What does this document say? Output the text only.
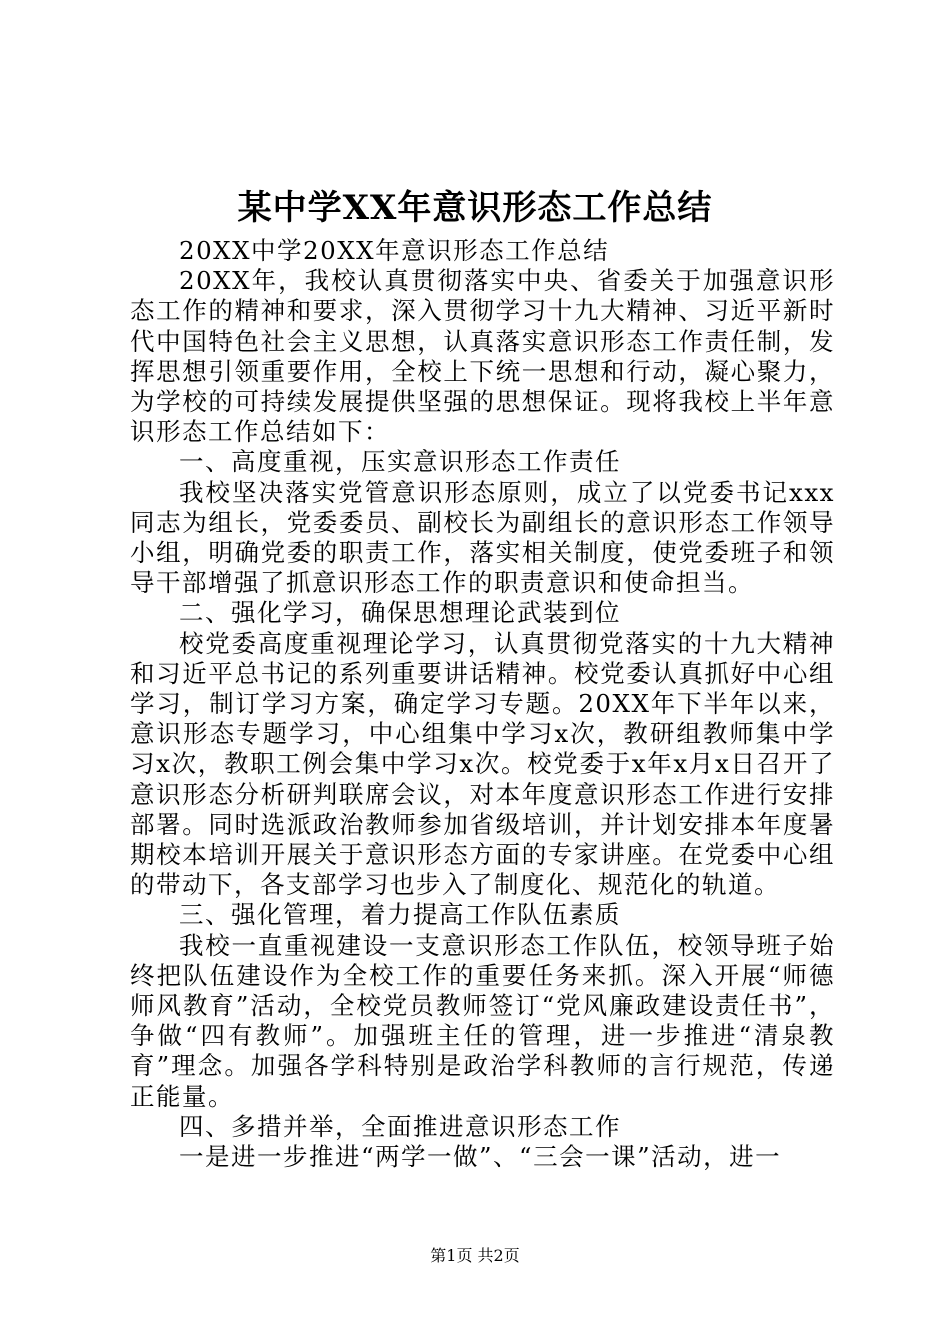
某中学XX年意识形态工作总结

20XX中学20XX年意识形态工作总结

20XX年，我校认真贯彻落实中央、省委关于加强意识形态工作的精神和要求，深入贯彻学习十九大精神、习近平新时代中国特色社会主义思想，认真落实意识形态工作责任制，发挥思想引领重要作用，全校上下统一思想和行动，凝心聚力，为学校的可持续发展提供坚强的思想保证。现将我校上半年意识形态工作总结如下：

一、高度重视，压实意识形态工作责任

我校坚决落实党管意识形态原则，成立了以党委书记xxx同志为组长，党委委员、副校长为副组长的意识形态工作领导小组，明确党委的职责工作，落实相关制度，使党委班子和领导干部增强了抓意识形态工作的职责意识和使命担当。

二、强化学习，确保思想理论武装到位

校党委高度重视理论学习，认真贯彻党落实的十九大精神和习近平总书记的系列重要讲话精神。校党委认真抓好中心组学习，制订学习方案，确定学习专题。20XX年下半年以来，意识形态专题学习，中心组集中学习x次，教研组教师集中学习x次，教职工例会集中学习x次。校党委于x年x月x日召开了意识形态分析研判联席会议，对本年度意识形态工作进行安排部署。同时选派政治教师参加省级培训，并计划安排本年度暑期校本培训开展关于意识形态方面的专家讲座。在党委中心组的带动下，各支部学习也步入了制度化、规范化的轨道。

三、强化管理，着力提高工作队伍素质

我校一直重视建设一支意识形态工作队伍，校领导班子始终把队伍建设作为全校工作的重要任务来抓。深入开展“师德师风教育”活动，全校党员教师签订“党风廉政建设责任书”，争做“四有教师”。加强班主任的管理，进一步推进“清泉教育”理念。加强各学科特别是政治学科教师的言行规范，传递正能量。

四、多措并举，全面推进意识形态工作

一是进一步推进“两学一做”、“三会一课”活动，进一

第1页 共2页
